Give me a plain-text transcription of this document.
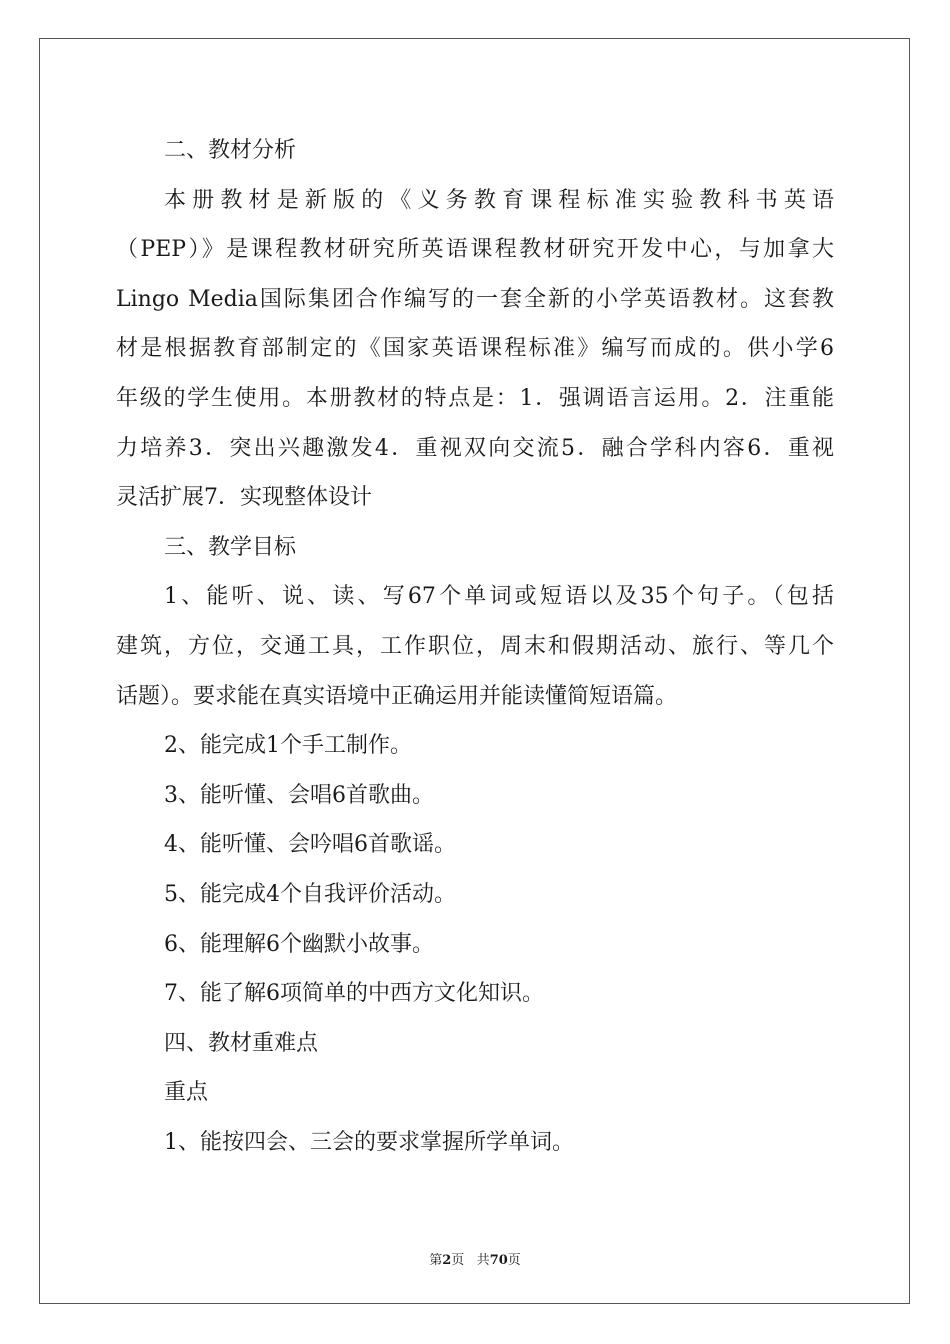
二、教材分析
本册教材是新版的《义务教育课程标准实验教科书英语
（PEP）》是课程教材研究所英语课程教材研究开发中心，与加拿大
Lingo Media国际集团合作编写的一套全新的小学英语教材。这套教
材是根据教育部制定的《国家英语课程标准》编写而成的。供小学6
年级的学生使用。本册教材的特点是：1．强调语言运用。2．注重能
力培养3．突出兴趣激发4．重视双向交流5．融合学科内容6．重视
灵活扩展7．实现整体设计
三、教学目标
1、能听、说、读、写67个单词或短语以及35个句子。（包括
建筑，方位，交通工具，工作职位，周末和假期活动、旅行、等几个
话题）。要求能在真实语境中正确运用并能读懂简短语篇。
2、能完成1个手工制作。
3、能听懂、会唱6首歌曲。
4、能听懂、会吟唱6首歌谣。
5、能完成4个自我评价活动。
6、能理解6个幽默小故事。
7、能了解6项简单的中西方文化知识。
四、教材重难点
重点
1、能按四会、三会的要求掌握所学单词。
第2页 共70页
